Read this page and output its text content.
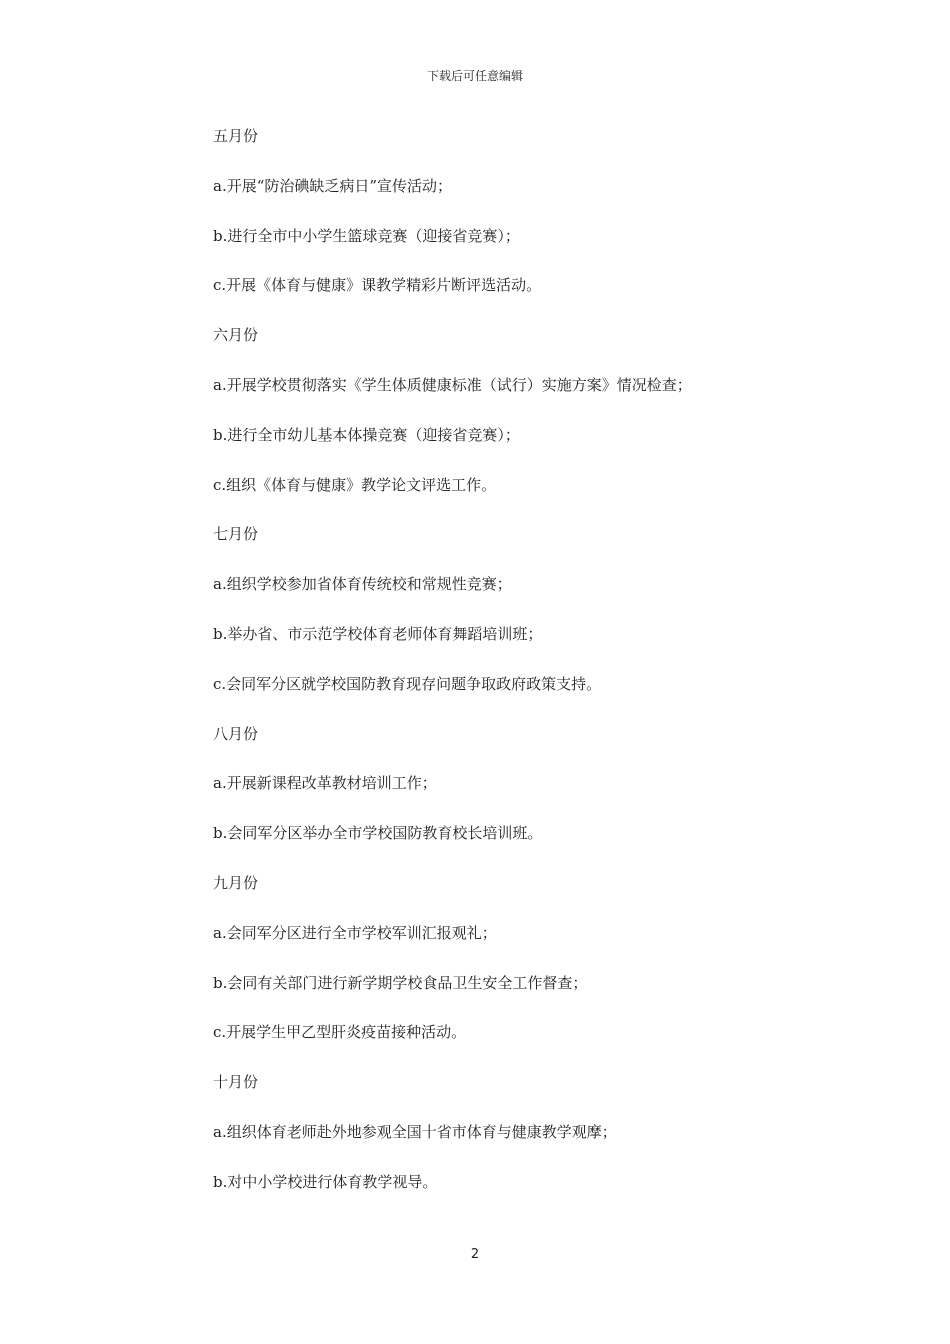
下载后可任意编辑
五月份
a.开展“防治碘缺乏病日”宣传活动；
b.进行全市中小学生篮球竞赛（迎接省竞赛）；
c.开展《体育与健康》课教学精彩片断评选活动。
六月份
a.开展学校贯彻落实《学生体质健康标准（试行）实施方案》情况检查；
b.进行全市幼儿基本体操竞赛（迎接省竞赛）；
c.组织《体育与健康》教学论文评选工作。
七月份
a.组织学校参加省体育传统校和常规性竞赛；
b.举办省、市示范学校体育老师体育舞蹈培训班；
c.会同军分区就学校国防教育现存问题争取政府政策支持。
八月份
a.开展新课程改革教材培训工作；
b.会同军分区举办全市学校国防教育校长培训班。
九月份
a.会同军分区进行全市学校军训汇报观礼；
b.会同有关部门进行新学期学校食品卫生安全工作督查；
c.开展学生甲乙型肝炎疫苗接种活动。
十月份
a.组织体育老师赴外地参观全国十省市体育与健康教学观摩；
b.对中小学校进行体育教学视导。
2
